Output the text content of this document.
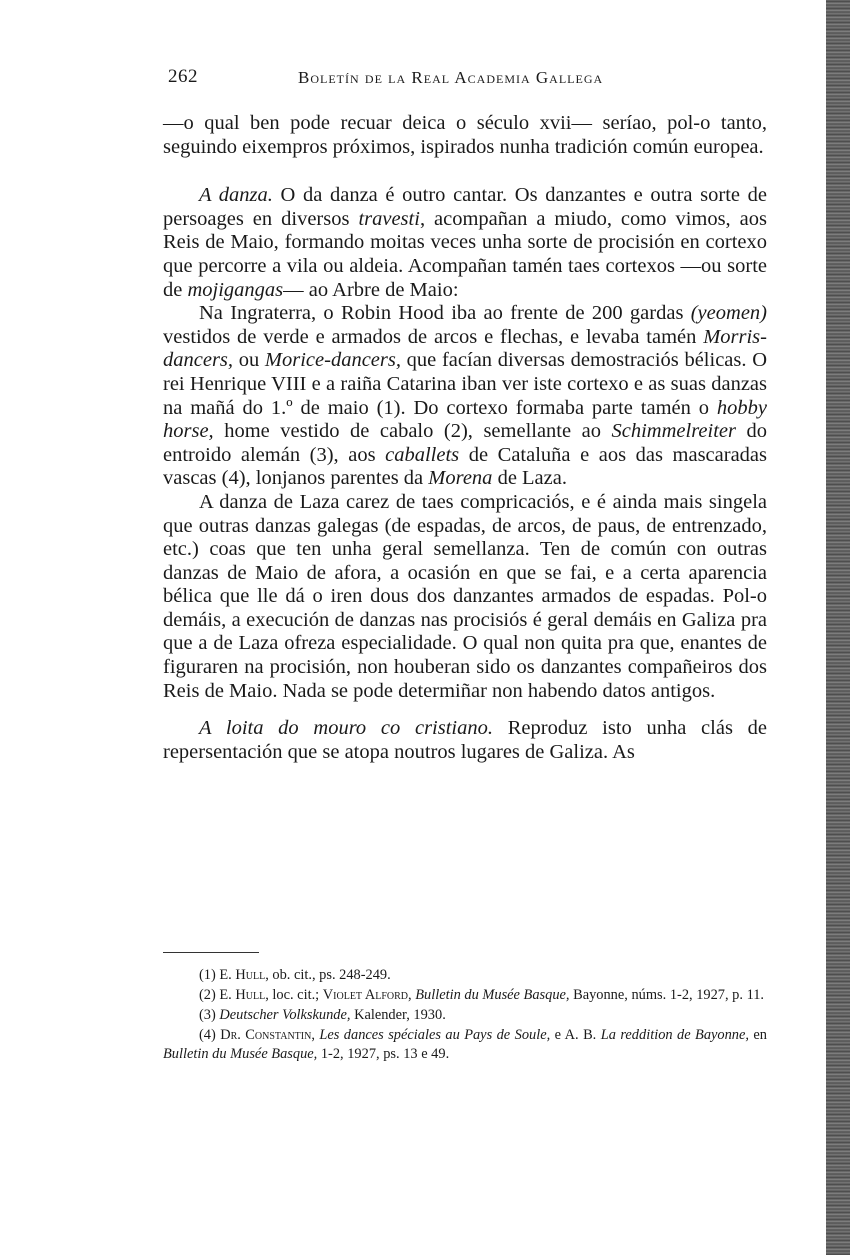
262	Boletín de la Real Academia Gallega

—o qual ben pode recuar deica o século xvii— seríao, pol-o tanto, seguindo eixempros próximos, ispirados nunha tradición común europea.

A danza. O da danza é outro cantar. Os danzantes e outra sorte de persoages en diversos travesti, acompañan a miudo, como vimos, aos Reis de Maio, formando moitas veces unha sorte de procisión en cortexo que percorre a vila ou aldeia. Acompañan tamén taes cortexos —ou sorte de mojigangas— ao Arbre de Maio:

Na Ingraterra, o Robin Hood iba ao frente de 200 gardas (yeomen) vestidos de verde e armados de arcos e flechas, e levaba tamén Morris-dancers, ou Morice-dancers, que facían diversas demostraciós bélicas. O rei Henrique VIII e a raiña Catarina iban ver iste cortexo e as suas danzas na mañá do 1.º de maio (1). Do cortexo formaba parte tamén o hobby horse, home vestido de cabalo (2), semellante ao Schimmelreiter do entroido alemán (3), aos caballets de Cataluña e aos das mascaradas vascas (4), lonjanos parentes da Morena de Laza.

A danza de Laza carez de taes compricaciós, e é ainda mais singela que outras danzas galegas (de espadas, de arcos, de paus, de entrenzado, etc.) coas que ten unha geral semellanza. Ten de común con outras danzas de Maio de afora, a ocasión en que se fai, e a certa aparencia bélica que lle dá o iren dous dos danzantes armados de espadas. Pol-o demáis, a execución de danzas nas procisiós é geral demáis en Galiza pra que a de Laza ofreza especialidade. O qual non quita pra que, enantes de figuraren na procisión, non houberan sido os danzantes compañeiros dos Reis de Maio. Nada se pode determiñar non habendo datos antigos.

A loita do mouro co cristiano. Reproduz isto unha clás de repersentación que se atopa noutros lugares de Galiza. As

(1) E. Hull, ob. cit., ps. 248-249.

(2) E. Hull, loc. cit.; Violet Alford, Bulletin du Musée Basque, Bayonne, núms. 1-2, 1927, p. 11.

(3) Deutscher Volkskunde, Kalender, 1930.

(4) Dr. Constantin, Les dances spéciales au Pays de Soule, e A. B. La reddition de Bayonne, en Bulletin du Musée Basque, 1-2, 1927, ps. 13 e 49.
